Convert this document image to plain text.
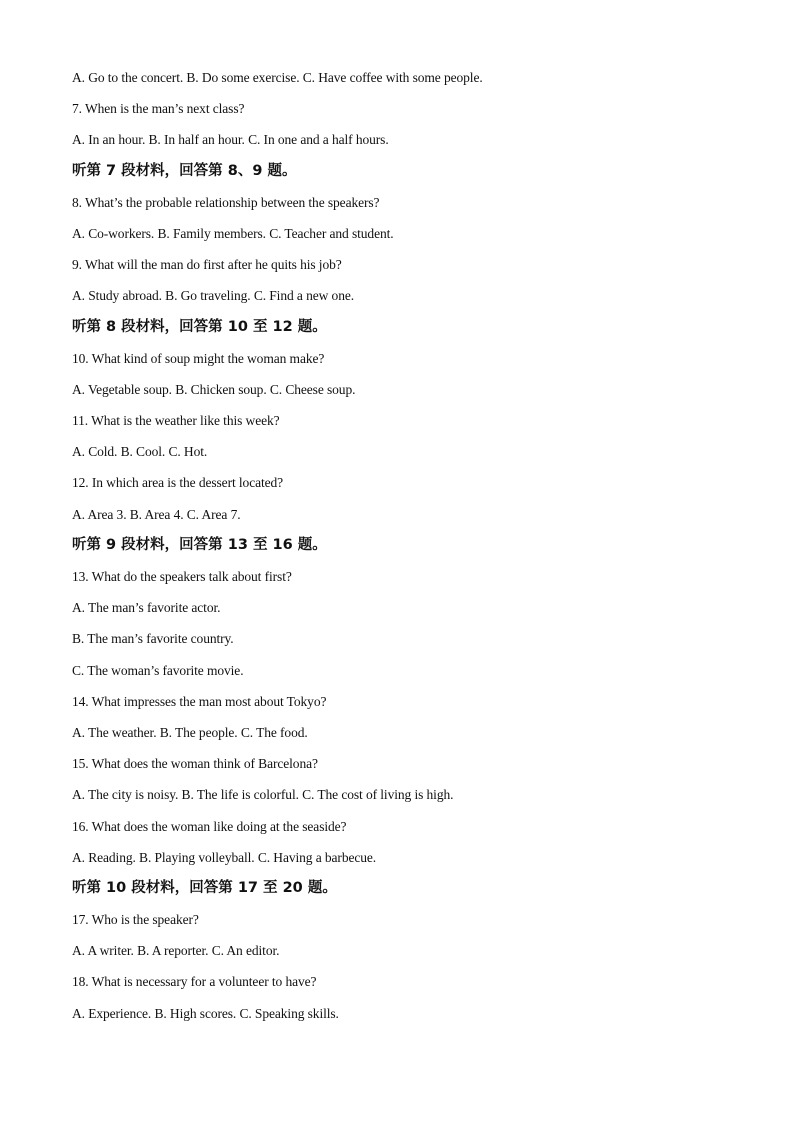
A. Go to the concert. B. Do some exercise. C. Have coffee with some people.
7. When is the man’s next class?
A. In an hour. B. In half an hour. C. In one and a half hours.
听第 7 段材料，回答第 8、9 题。
8. What’s the probable relationship between the speakers?
A. Co-workers. B. Family members. C. Teacher and student.
9. What will the man do first after he quits his job?
A. Study abroad. B. Go traveling. C. Find a new one.
听第 8 段材料，回答第 10 至 12 题。
10. What kind of soup might the woman make?
A. Vegetable soup. B. Chicken soup. C. Cheese soup.
11. What is the weather like this week?
A. Cold. B. Cool. C. Hot.
12. In which area is the dessert located?
A. Area 3. B. Area 4. C. Area 7.
听第 9 段材料，回答第 13 至 16 题。
13. What do the speakers talk about first?
A. The man’s favorite actor.
B. The man’s favorite country.
C. The woman’s favorite movie.
14. What impresses the man most about Tokyo?
A. The weather. B. The people. C. The food.
15. What does the woman think of Barcelona?
A. The city is noisy. B. The life is colorful. C. The cost of living is high.
16. What does the woman like doing at the seaside?
A. Reading. B. Playing volleyball. C. Having a barbecue.
听第 10 段材料，回答第 17 至 20 题。
17. Who is the speaker?
A. A writer. B. A reporter. C. An editor.
18. What is necessary for a volunteer to have?
A. Experience. B. High scores. C. Speaking skills.
